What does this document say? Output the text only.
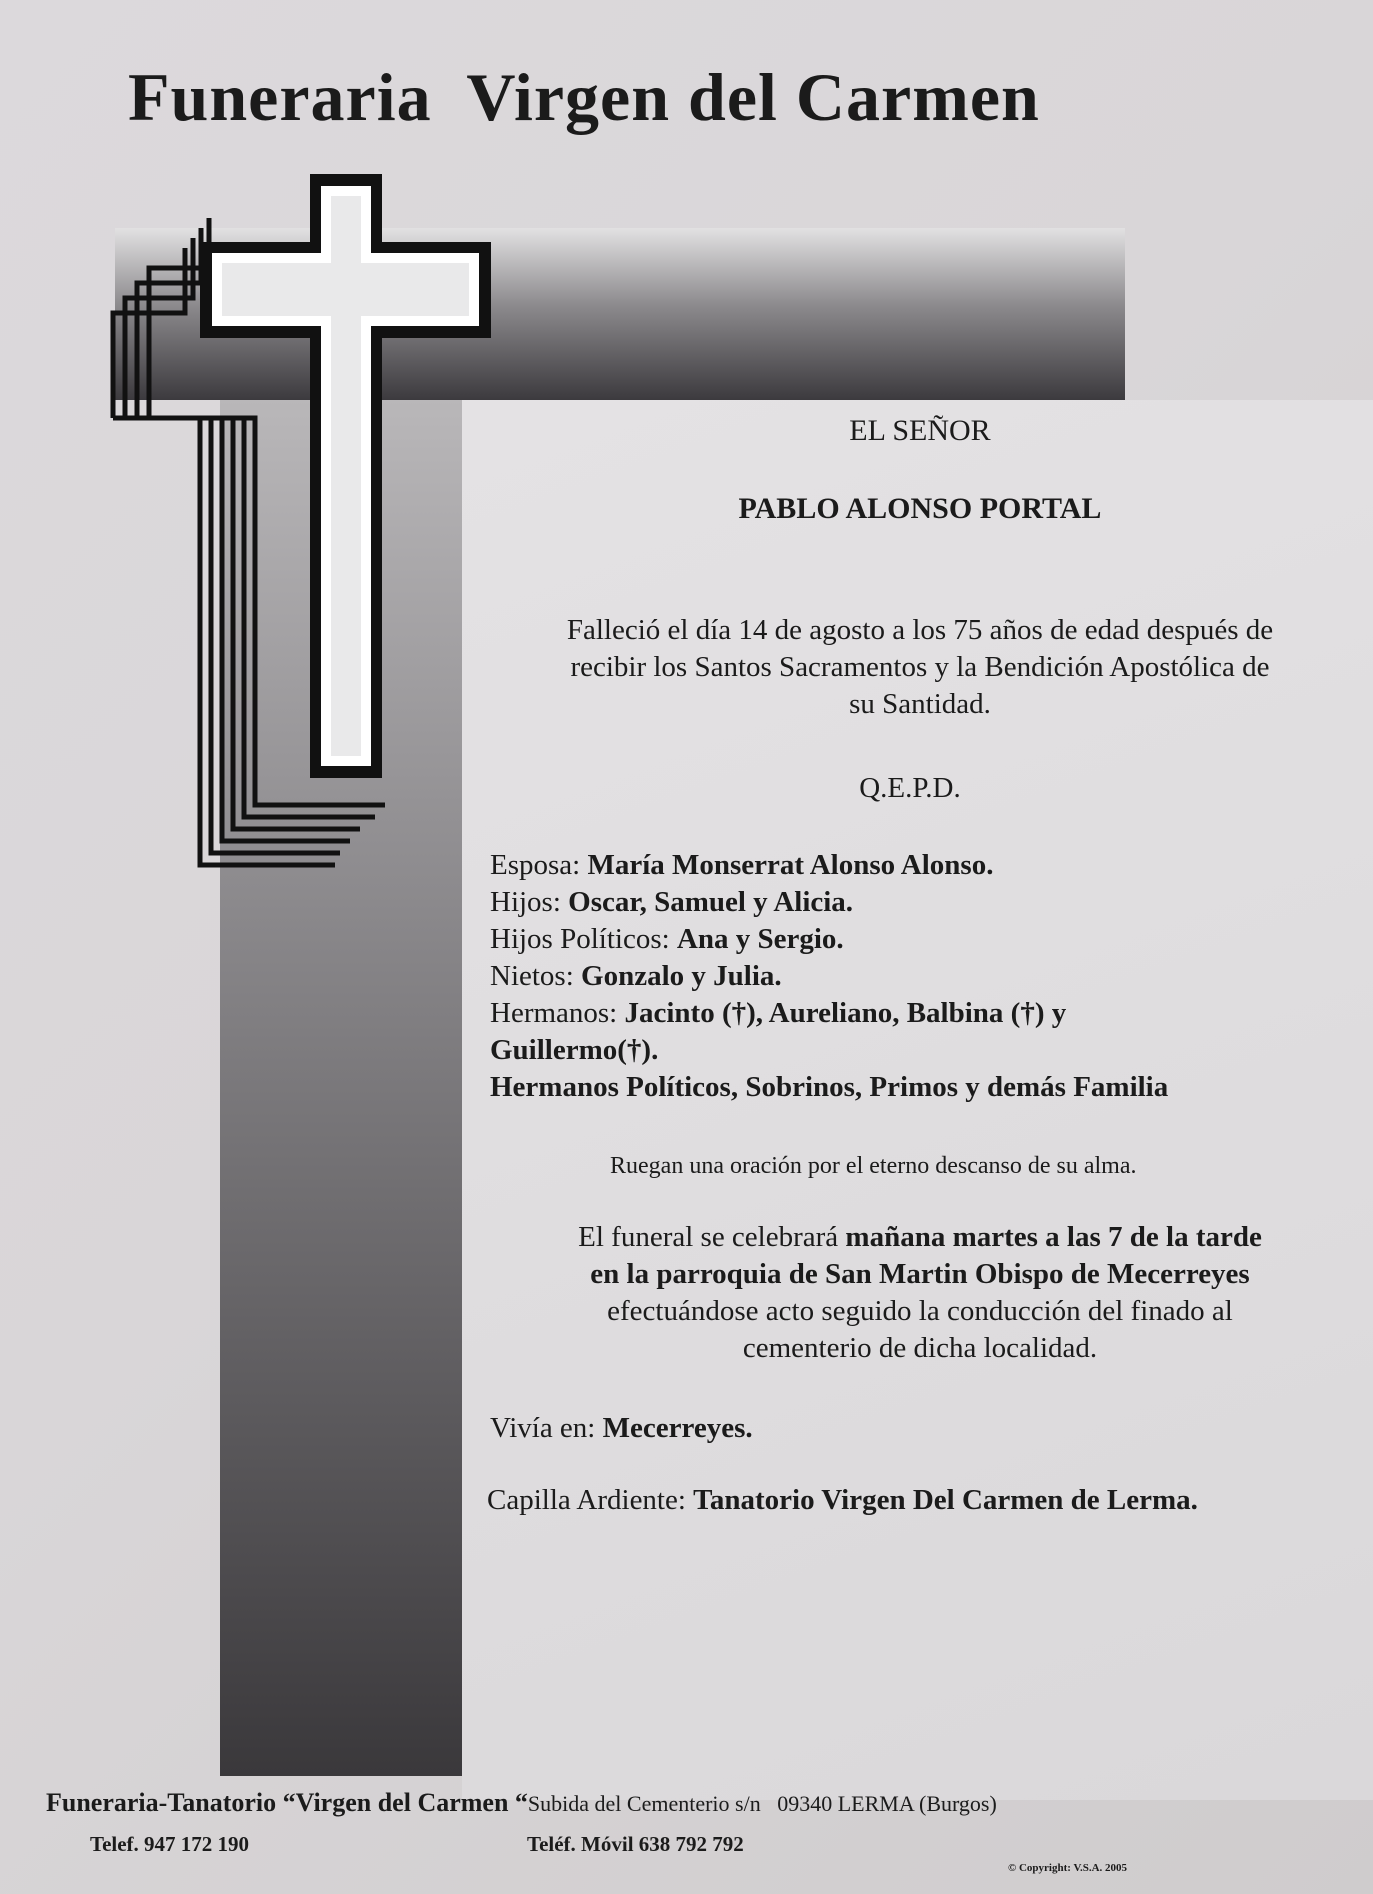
Funeraria  Virgen del Carmen
EL SEÑOR
PABLO ALONSO PORTAL
Falleció el día 14 de agosto a los 75 años de edad después de
recibir los Santos Sacramentos y la Bendición Apostólica de
su Santidad.
Q.E.P.D.
Esposa: María Monserrat Alonso Alonso.
Hijos: Oscar, Samuel y Alicia.
Hijos Políticos: Ana y Sergio.
Nietos: Gonzalo y Julia.
Hermanos: Jacinto (†), Aureliano, Balbina (†) y
Guillermo(†).
Hermanos Políticos, Sobrinos, Primos y demás Familia
Ruegan una oración por el eterno descanso de su alma.
El funeral se celebrará mañana martes a las 7 de la tarde
en la parroquia de San Martin Obispo de Mecerreyes
efectuándose acto seguido la conducción del finado al
cementerio de dicha localidad.
Vivía en: Mecerreyes.
Capilla Ardiente: Tanatorio Virgen Del Carmen de Lerma.
Funeraria-Tanatorio “Virgen del Carmen “Subida del Cementerio s/n   09340 LERMA (Burgos)
Telef. 947 172 190	Teléf. Móvil 638 792 792
© Copyright: V.S.A. 2005
